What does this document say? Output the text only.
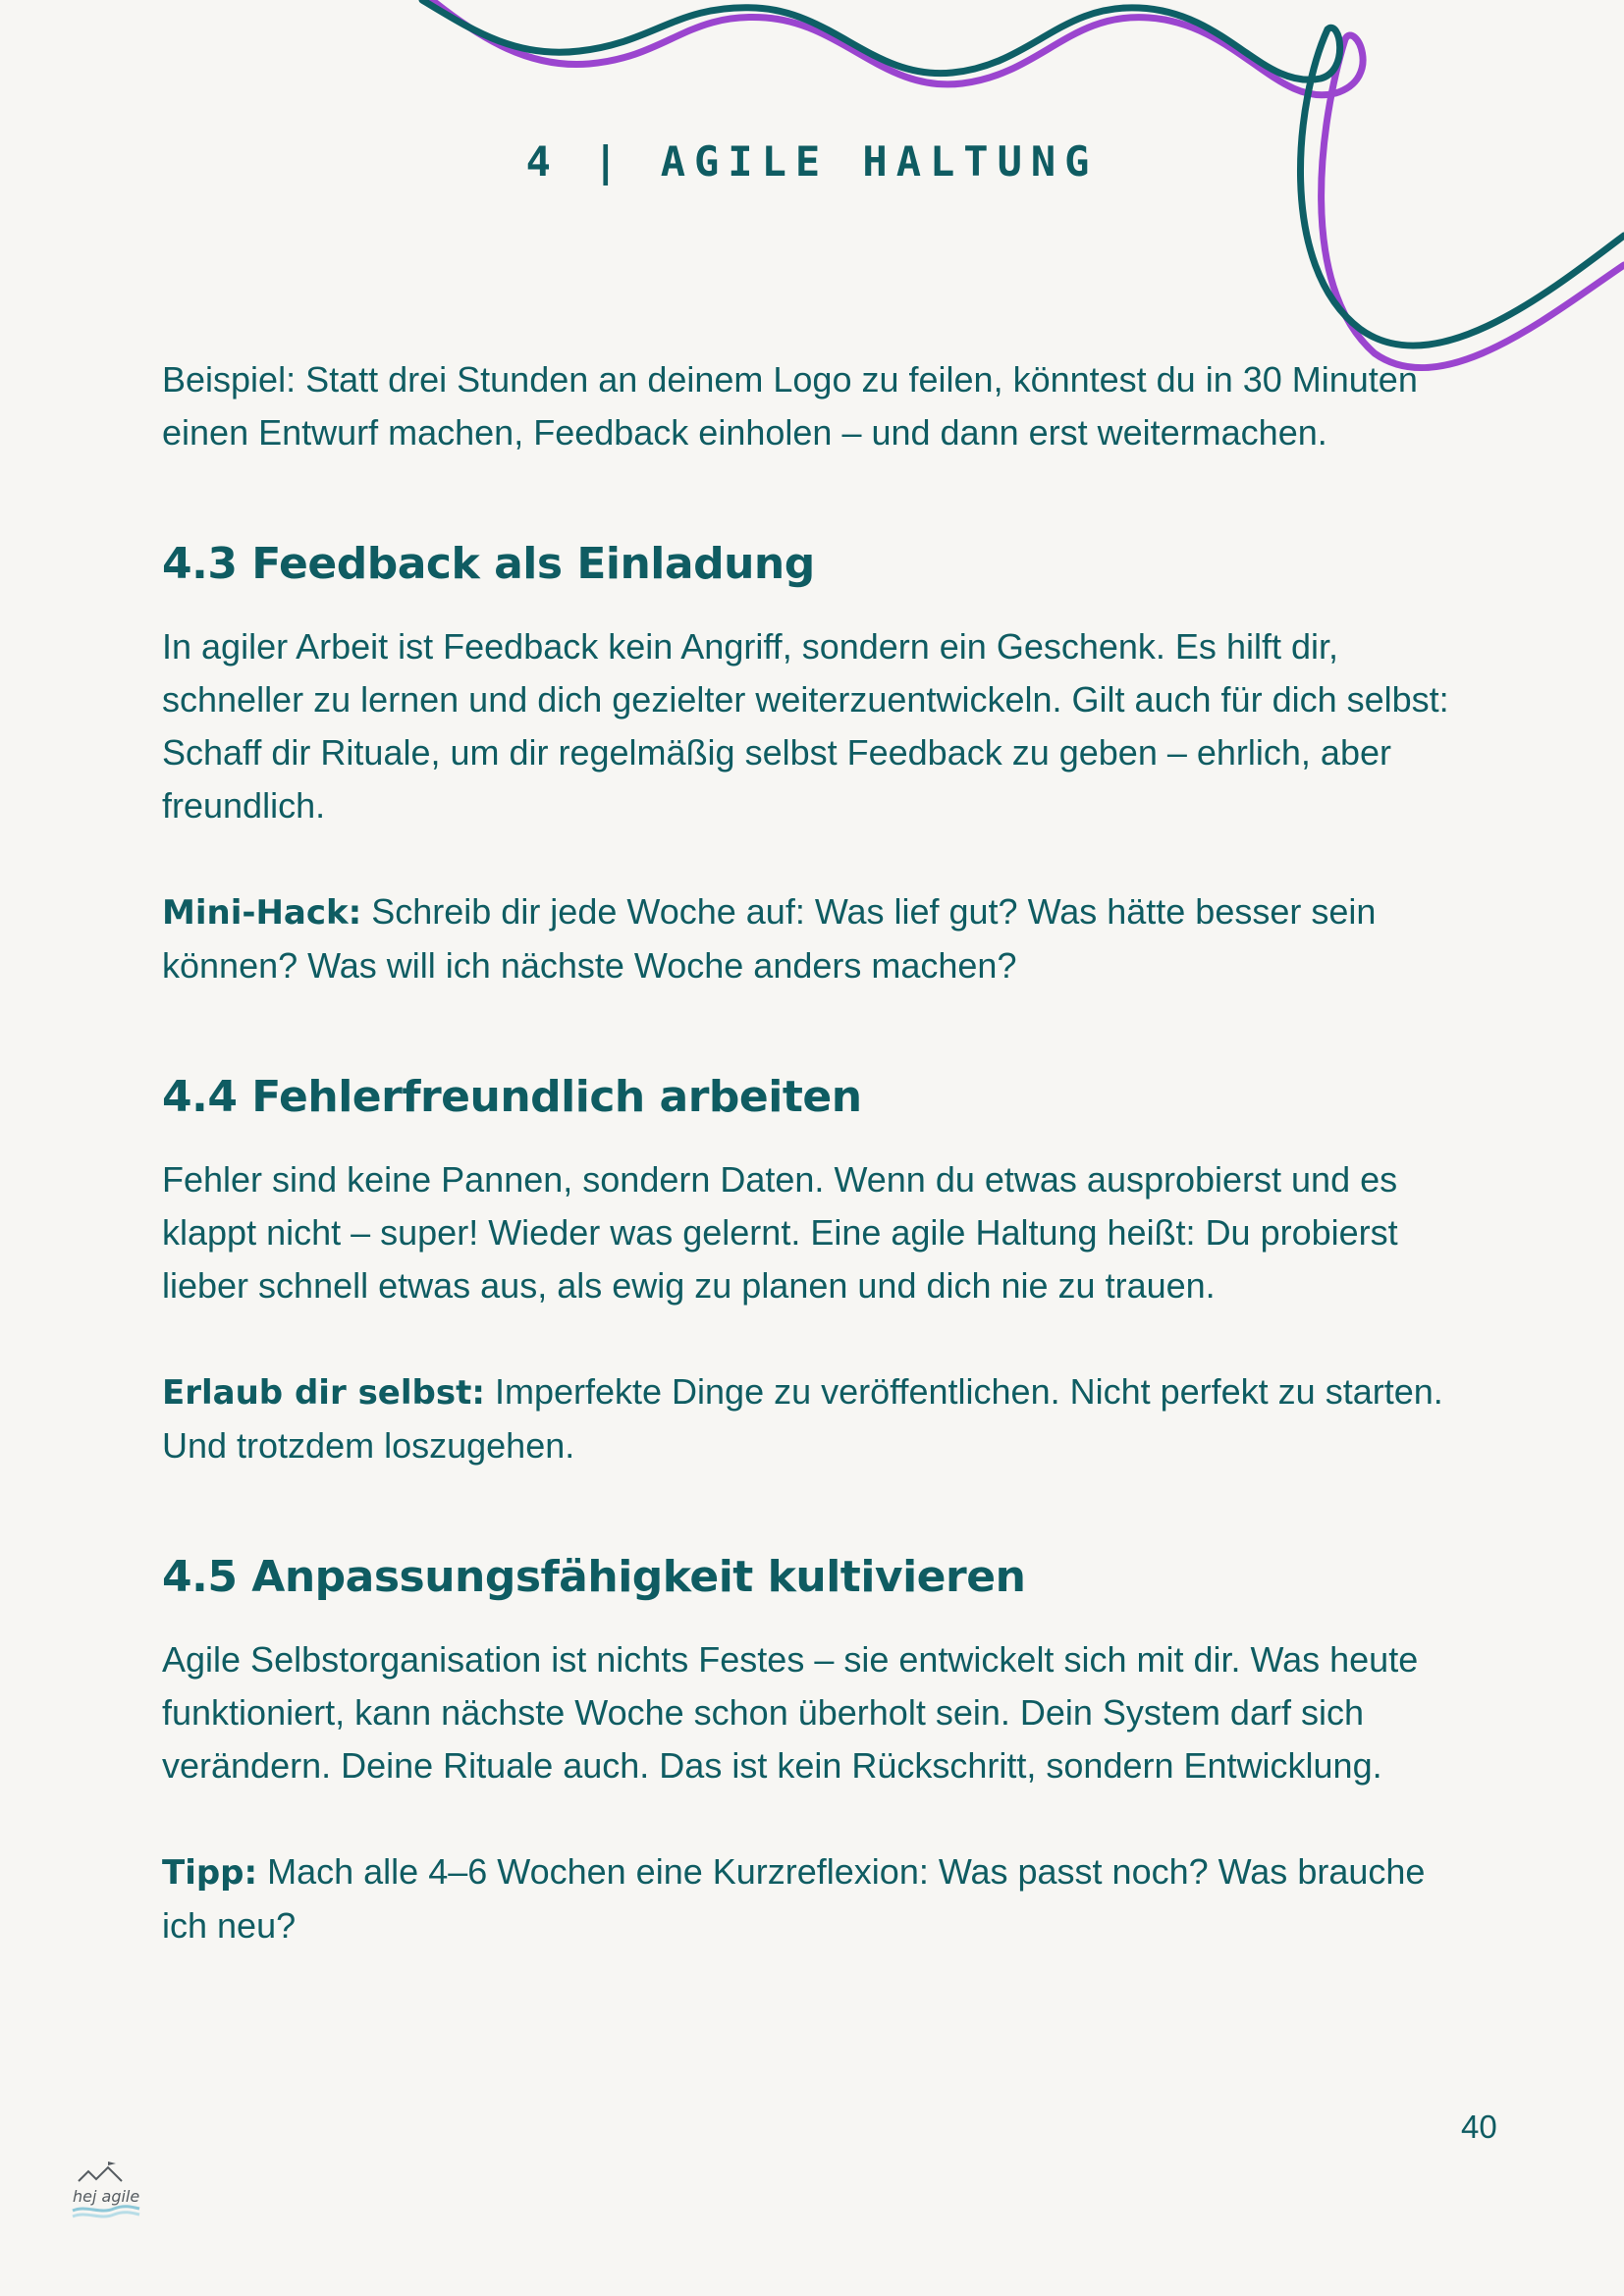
4 | AGILE HALTUNG

Beispiel: Statt drei Stunden an deinem Logo zu feilen, könntest du in 30 Minuten einen Entwurf machen, Feedback einholen – und dann erst weitermachen.

4.3 Feedback als Einladung

In agiler Arbeit ist Feedback kein Angriff, sondern ein Geschenk. Es hilft dir, schneller zu lernen und dich gezielter weiterzuentwickeln. Gilt auch für dich selbst: Schaff dir Rituale, um dir regelmäßig selbst Feedback zu geben – ehrlich, aber freundlich.

Mini-Hack: Schreib dir jede Woche auf: Was lief gut? Was hätte besser sein können? Was will ich nächste Woche anders machen?

4.4 Fehlerfreundlich arbeiten

Fehler sind keine Pannen, sondern Daten. Wenn du etwas ausprobierst und es klappt nicht – super! Wieder was gelernt. Eine agile Haltung heißt: Du probierst lieber schnell etwas aus, als ewig zu planen und dich nie zu trauen.

Erlaub dir selbst: Imperfekte Dinge zu veröffentlichen. Nicht perfekt zu starten. Und trotzdem loszugehen.

4.5 Anpassungsfähigkeit kultivieren

Agile Selbstorganisation ist nichts Festes – sie entwickelt sich mit dir. Was heute funktioniert, kann nächste Woche schon überholt sein. Dein System darf sich verändern. Deine Rituale auch. Das ist kein Rückschritt, sondern Entwicklung.

Tipp: Mach alle 4–6 Wochen eine Kurzreflexion: Was passt noch? Was brauche ich neu?

40
hej agile
